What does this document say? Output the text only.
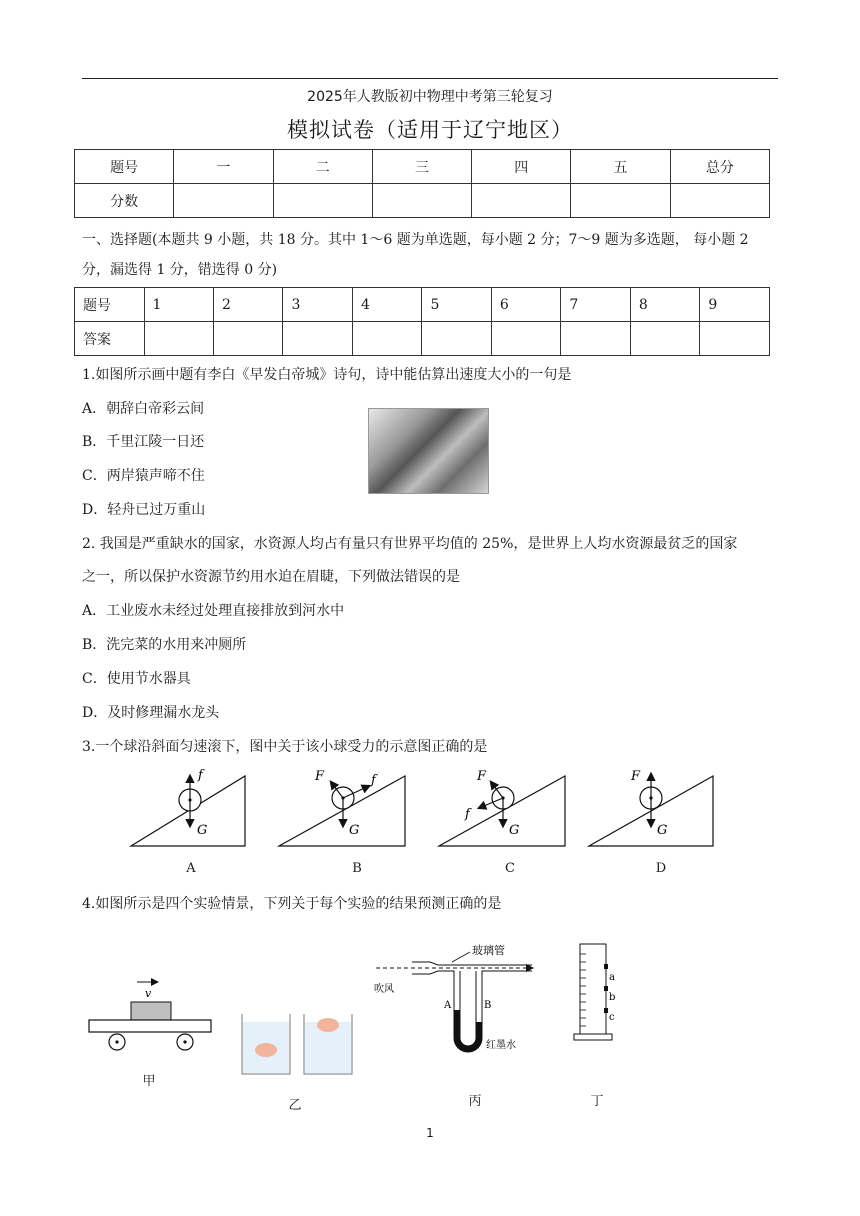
2025年人教版初中物理中考第三轮复习
模拟试卷（适用于辽宁地区）
题号	一	二	三	四	五	总分
分数						
一、选择题(本题共 9 小题，共 18 分。其中 1～6 题为单选题，每小题 2 分；7～9 题为多选题， 每小题 2
分，漏选得 1 分，错选得 0 分)
题号	1	2	3	4	5	6	7	8	9
答案									
1.如图所示画中题有李白《早发白帝城》诗句，诗中能估算出速度大小的一句是
A．朝辞白帝彩云间
B．千里江陵一日还
C．两岸猿声啼不住
D．轻舟已过万重山
2. 我国是严重缺水的国家，水资源人均占有量只有世界平均值的 25%，是世界上人均水资源最贫乏的国家
之一，所以保护水资源节约用水迫在眉睫，下列做法错误的是
A．工业废水未经过处理直接排放到河水中
B．洗完菜的水用来冲厕所
C．使用节水器具
D．及时修理漏水龙头
3.一个球沿斜面匀速滚下，图中关于该小球受力的示意图正确的是
f
G
F	f
G
F
f
G
F
G
A	B	C	D
4.如图所示是四个实验情景，下列关于每个实验的结果预测正确的是
v
甲
乙
玻璃管
吹风
A	B
红墨水
丙
a
b
c
丁
1
